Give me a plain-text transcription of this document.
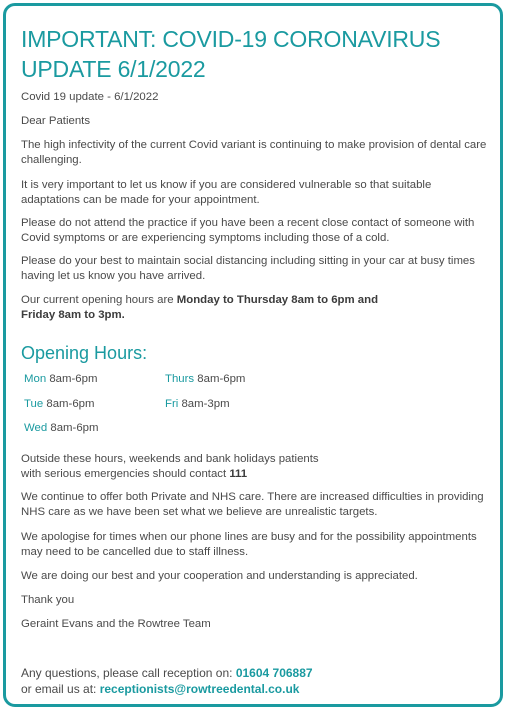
IMPORTANT: COVID-19 CORONAVIRUS UPDATE 6/1/2022

Covid 19 update - 6/1/2022

Dear Patients

The high infectivity of the current Covid variant is continuing to make provision of dental care challenging.

It is very important to let us know if you are considered vulnerable so that suitable adaptations can be made for your appointment.

Please do not attend the practice if you have been a recent close contact of someone with Covid symptoms or are experiencing symptoms including those of a cold.

Please do your best to maintain social distancing including sitting in your car at busy times having let us know you have arrived.

Our current opening hours are Monday to Thursday 8am to 6pm and
Friday 8am to 3pm.

Opening Hours:
Mon 8am-6pm	Thurs 8am-6pm
Tue 8am-6pm	Fri 8am-3pm
Wed 8am-6pm

Outside these hours, weekends and bank holidays patients
with serious emergencies should contact 111

We continue to offer both Private and NHS care. There are increased difficulties in providing NHS care as we have been set what we believe are unrealistic targets.

We apologise for times when our phone lines are busy and for the possibility appointments may need to be cancelled due to staff illness.

We are doing our best and your cooperation and understanding is appreciated.

Thank you

Geraint Evans and the Rowtree Team

Any questions, please call reception on: 01604 706887
or email us at: receptionists@rowtreedental.co.uk
